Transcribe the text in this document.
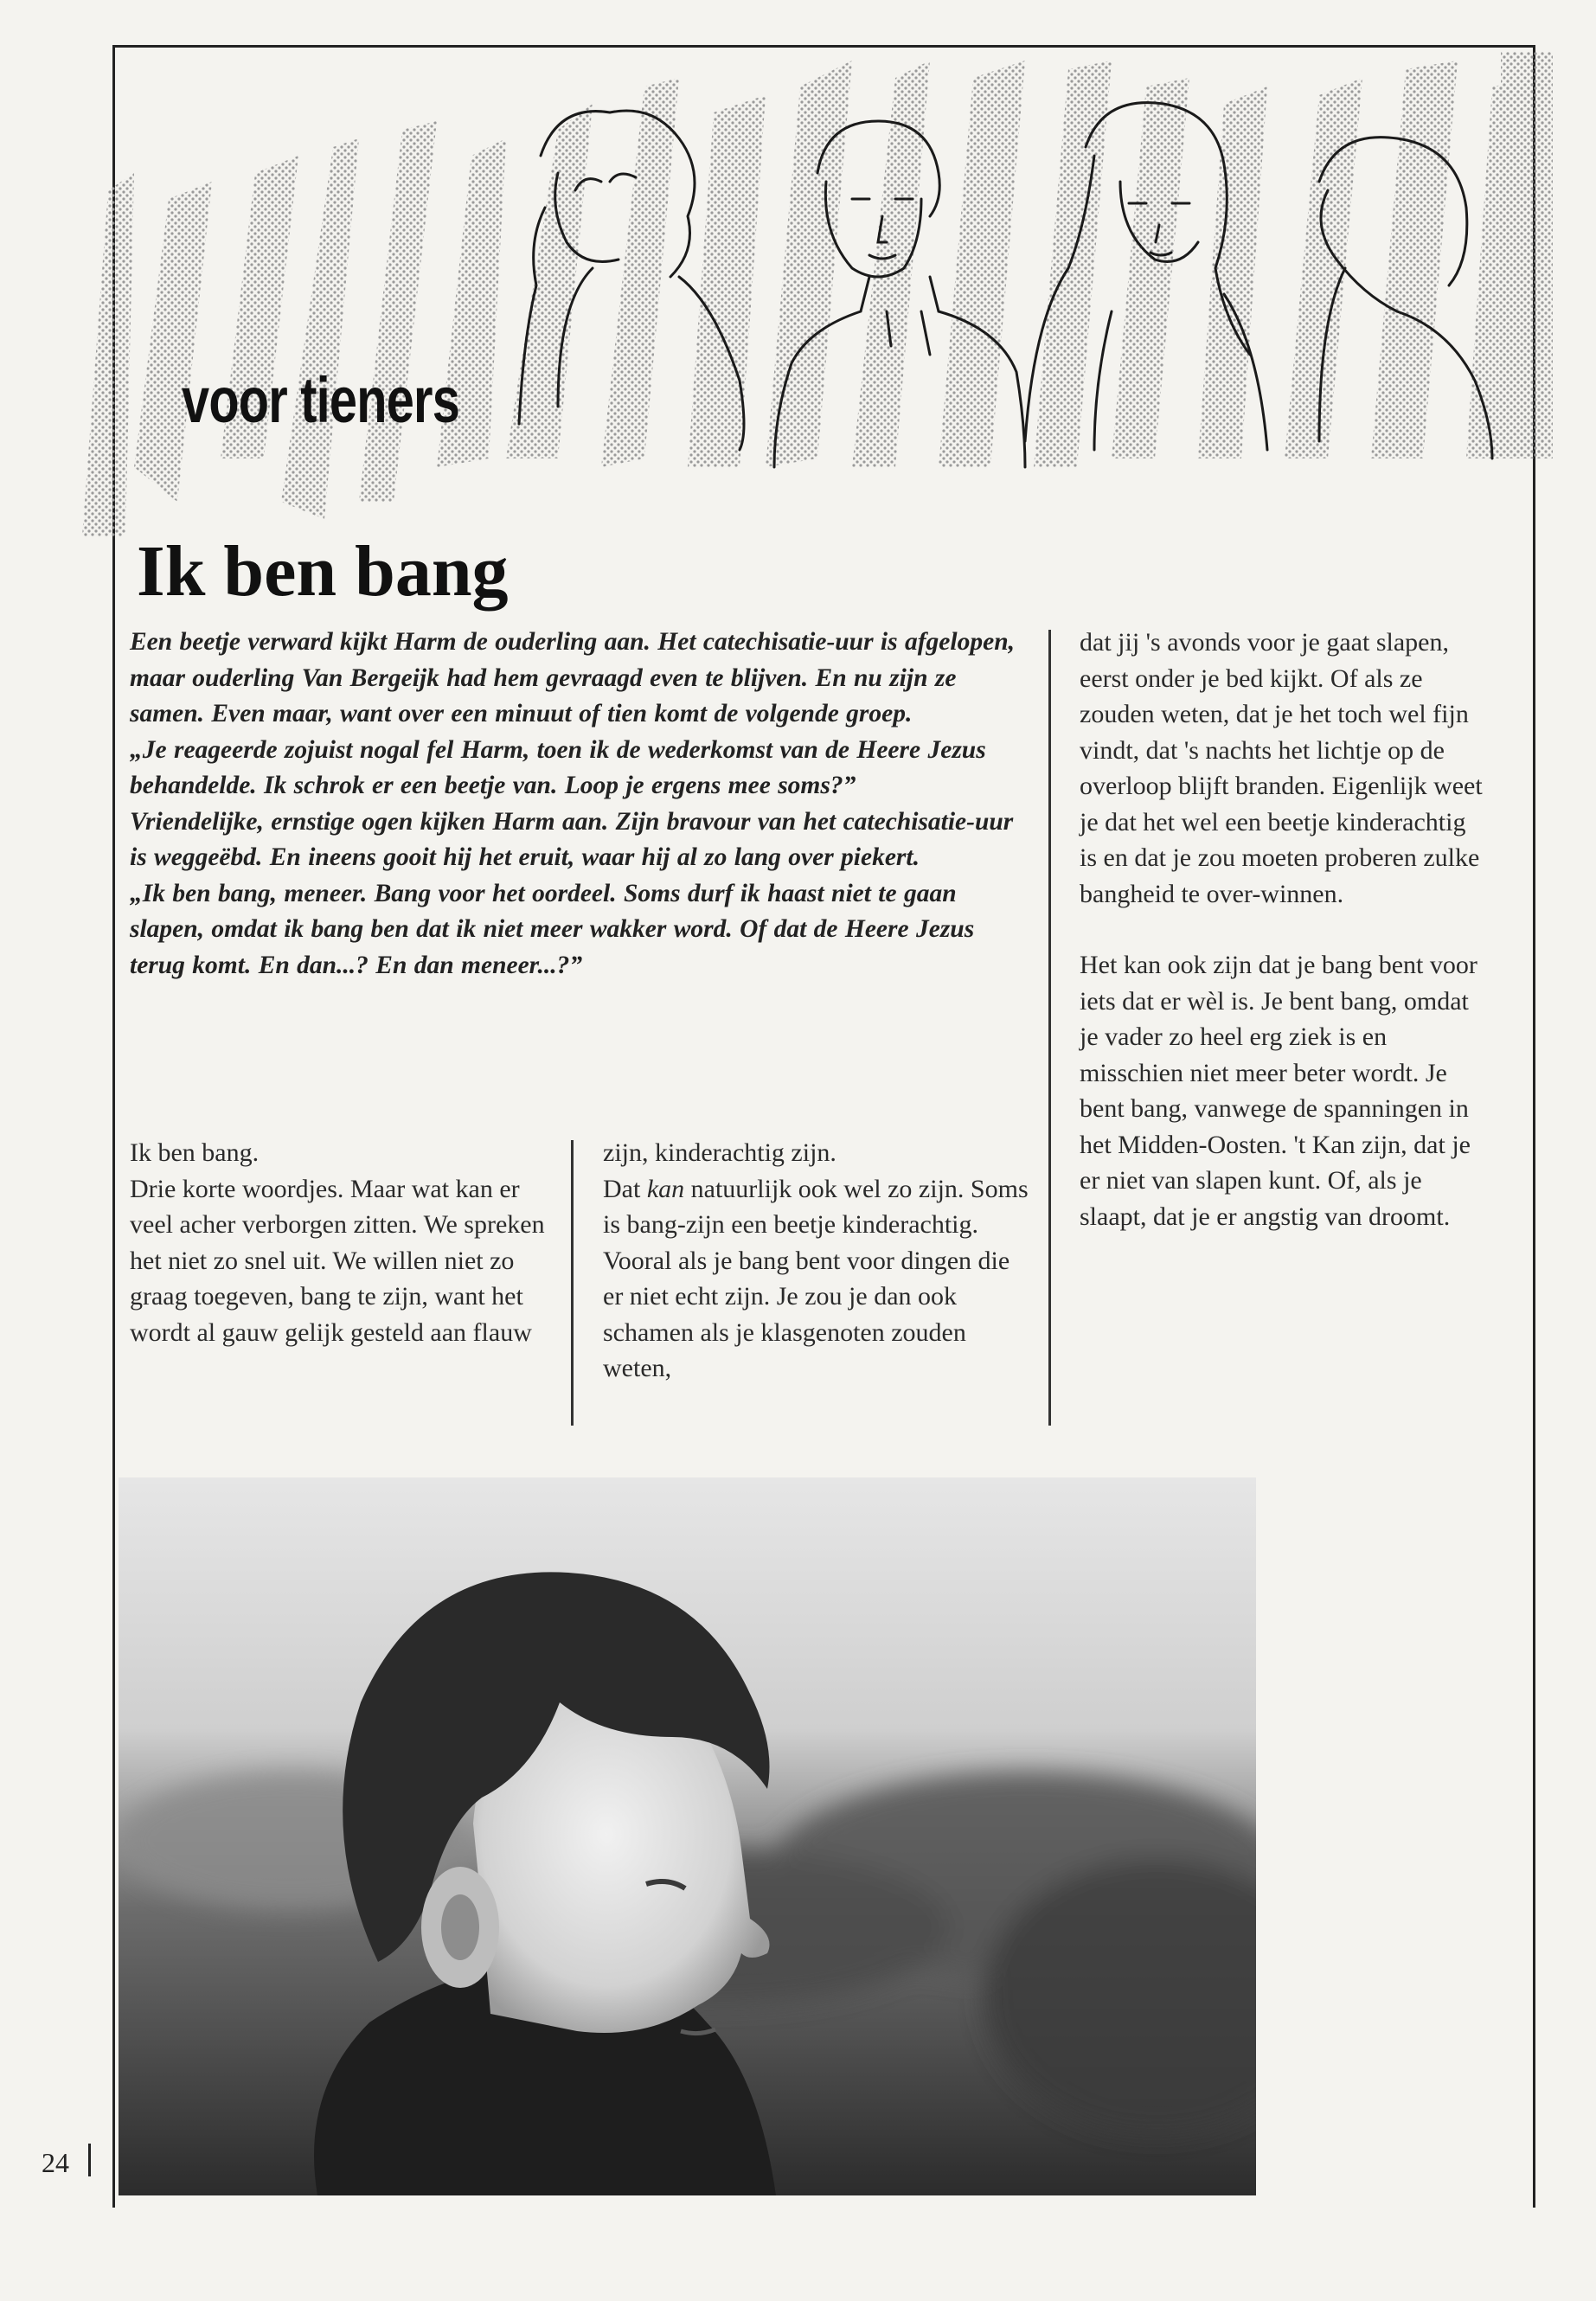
voor tieners
Ik ben bang

Een beetje verward kijkt Harm de ouderling aan. Het catechisatie-uur is afgelopen, maar ouderling Van Bergeijk had hem gevraagd even te blijven. En nu zijn ze samen. Even maar, want over een minuut of tien komt de volgende groep.

„Je reageerde zojuist nogal fel Harm, toen ik de wederkomst van de Heere Jezus behandelde. Ik schrok er een beetje van. Loop je ergens mee soms?”

Vriendelijke, ernstige ogen kijken Harm aan. Zijn bravour van het catechisatie-uur is weggeëbd. En ineens gooit hij het eruit, waar hij al zo lang over piekert.

„Ik ben bang, meneer. Bang voor het oordeel. Soms durf ik haast niet te gaan slapen, omdat ik bang ben dat ik niet meer wakker word. Of dat de Heere Jezus terug komt. En dan...? En dan meneer...?”

Ik ben bang.

Drie korte woordjes. Maar wat kan er veel acher verborgen zitten. We spreken het niet zo snel uit. We willen niet zo graag toegeven, bang te zijn, want het wordt al gauw gelijk gesteld aan flauw

zijn, kinderachtig zijn.

Dat kan natuurlijk ook wel zo zijn. Soms is bang-zijn een beetje kinderachtig. Vooral als je bang bent voor dingen die er niet echt zijn. Je zou je dan ook schamen als je klasgenoten zouden weten,

dat jij 's avonds voor je gaat slapen, eerst onder je bed kijkt. Of als ze zouden weten, dat je het toch wel fijn vindt, dat 's nachts het lichtje op de overloop blijft branden. Eigenlijk weet je dat het wel een beetje kinderachtig is en dat je zou moeten proberen zulke bangheid te over-winnen.

Het kan ook zijn dat je bang bent voor iets dat er wèl is. Je bent bang, omdat je vader zo heel erg ziek is en misschien niet meer beter wordt. Je bent bang, vanwege de spanningen in het Midden-Oosten. 't Kan zijn, dat je er niet van slapen kunt. Of, als je slaapt, dat je er angstig van droomt.

24
